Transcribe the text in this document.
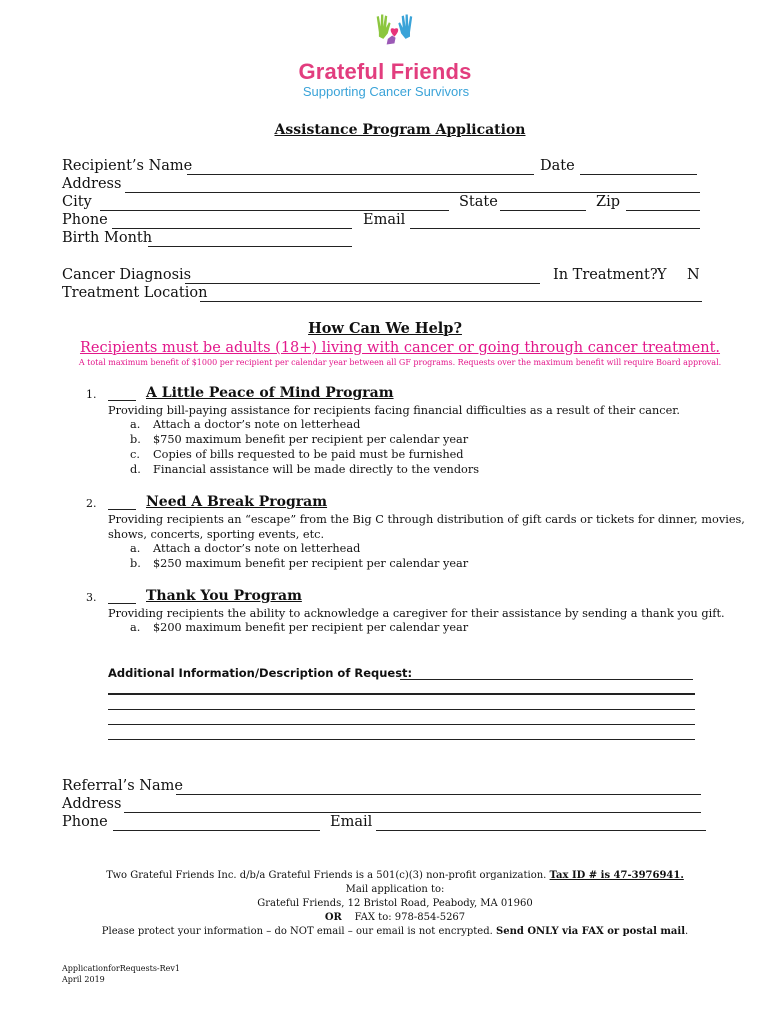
Grateful Friends
Supporting Cancer Survivors
Assistance Program Application
Recipient’s Name	Date
Address
City	State	Zip
Phone	Email
Birth Month
Cancer Diagnosis	In Treatment? Y N
Treatment Location
How Can We Help?
Recipients must be adults (18+) living with cancer or going through cancer treatment.
A total maximum benefit of $1000 per recipient per calendar year between all GF programs. Requests over the maximum benefit will require Board approval.
1.	A Little Peace of Mind Program
Providing bill-paying assistance for recipients facing financial difficulties as a result of their cancer.
a. Attach a doctor’s note on letterhead
b. $750 maximum benefit per recipient per calendar year
c. Copies of bills requested to be paid must be furnished
d. Financial assistance will be made directly to the vendors
2.	Need A Break Program
Providing recipients an “escape” from the Big C through distribution of gift cards or tickets for dinner, movies,
shows, concerts, sporting events, etc.
a. Attach a doctor’s note on letterhead
b. $250 maximum benefit per recipient per calendar year
3.	Thank You Program
Providing recipients the ability to acknowledge a caregiver for their assistance by sending a thank you gift.
a. $200 maximum benefit per recipient per calendar year
Additional Information/Description of Request:
Referral’s Name
Address
Phone	Email
Two Grateful Friends Inc. d/b/a Grateful Friends is a 501(c)(3) non-profit organization. Tax ID # is 47-3976941.
Mail application to:
Grateful Friends, 12 Bristol Road, Peabody, MA 01960
OR FAX to: 978-854-5267
Please protect your information – do NOT email – our email is not encrypted. Send ONLY via FAX or postal mail.
ApplicationforRequests-Rev1
April 2019
